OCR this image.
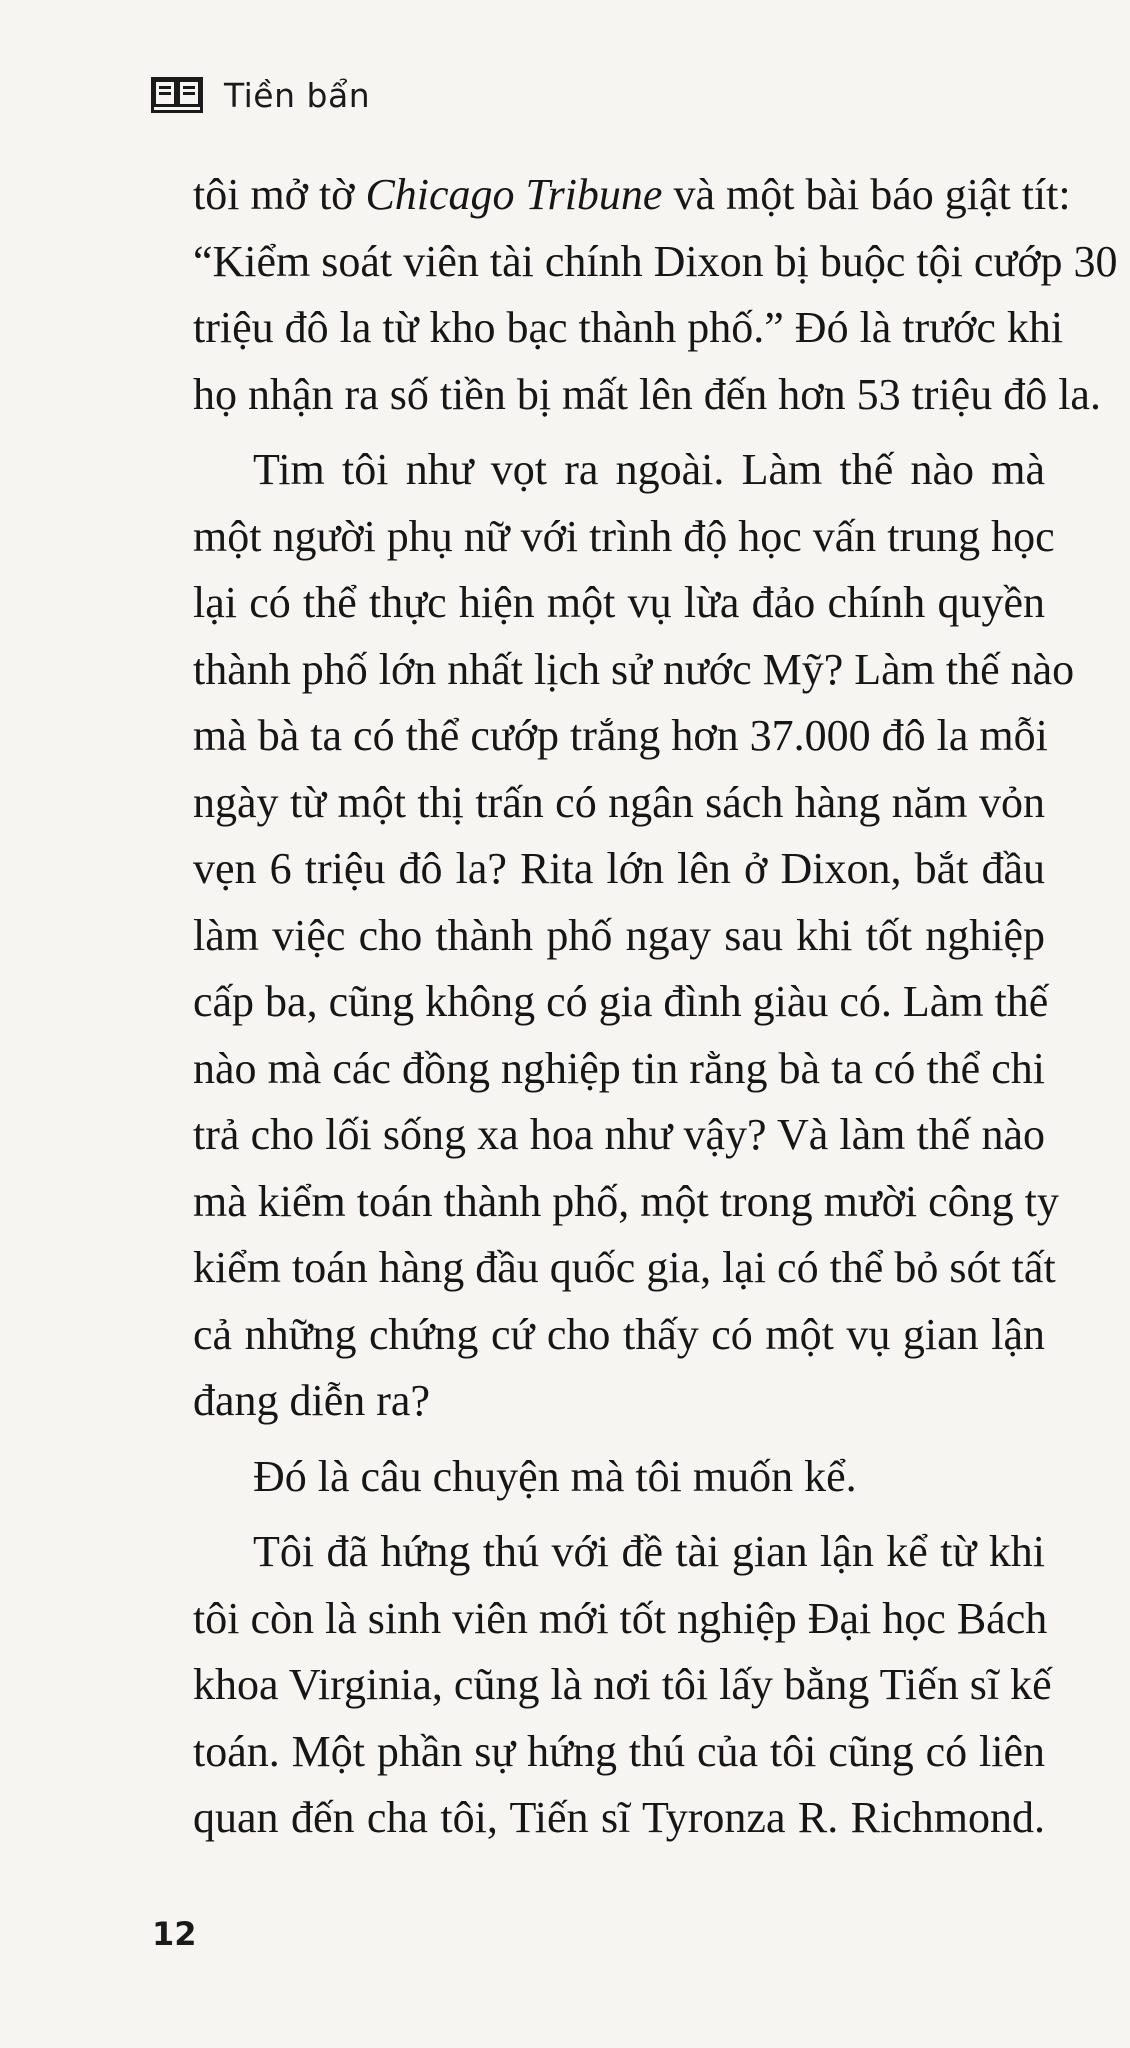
Tiền bẩn
tôi mở tờ Chicago Tribune và một bài báo giật tít:
“Kiểm soát viên tài chính Dixon bị buộc tội cướp 30
triệu đô la từ kho bạc thành phố.” Đó là trước khi
họ nhận ra số tiền bị mất lên đến hơn 53 triệu đô la.
Tim tôi như vọt ra ngoài. Làm thế nào mà
một người phụ nữ với trình độ học vấn trung học
lại có thể thực hiện một vụ lừa đảo chính quyền
thành phố lớn nhất lịch sử nước Mỹ? Làm thế nào
mà bà ta có thể cướp trắng hơn 37.000 đô la mỗi
ngày từ một thị trấn có ngân sách hàng năm vỏn
vẹn 6 triệu đô la? Rita lớn lên ở Dixon, bắt đầu
làm việc cho thành phố ngay sau khi tốt nghiệp
cấp ba, cũng không có gia đình giàu có. Làm thế
nào mà các đồng nghiệp tin rằng bà ta có thể chi
trả cho lối sống xa hoa như vậy? Và làm thế nào
mà kiểm toán thành phố, một trong mười công ty
kiểm toán hàng đầu quốc gia, lại có thể bỏ sót tất
cả những chứng cứ cho thấy có một vụ gian lận
đang diễn ra?
Đó là câu chuyện mà tôi muốn kể.
Tôi đã hứng thú với đề tài gian lận kể từ khi
tôi còn là sinh viên mới tốt nghiệp Đại học Bách
khoa Virginia, cũng là nơi tôi lấy bằng Tiến sĩ kế
toán. Một phần sự hứng thú của tôi cũng có liên
quan đến cha tôi, Tiến sĩ Tyronza R. Richmond.
12
